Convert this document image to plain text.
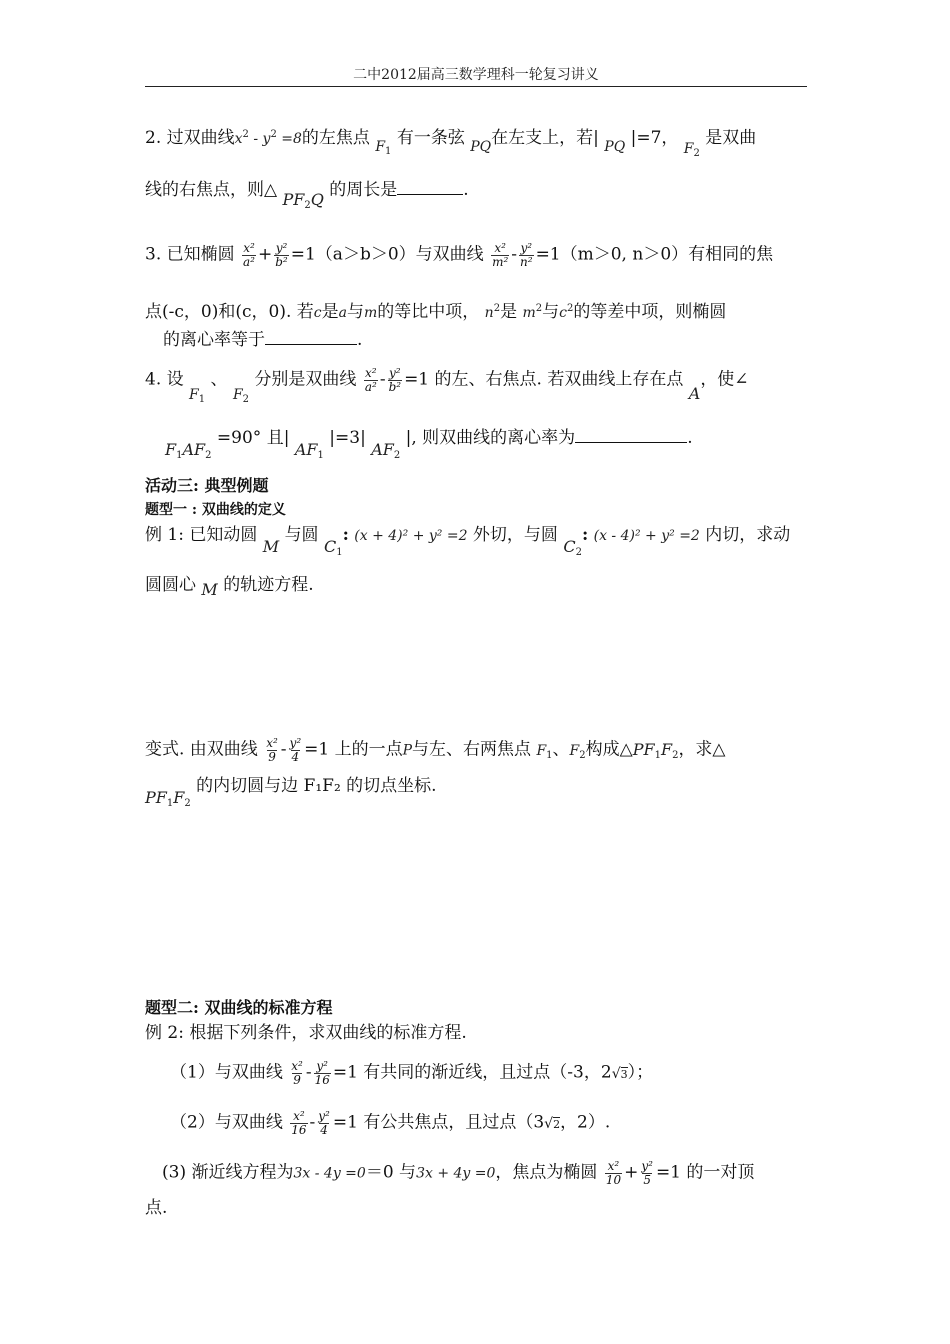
二中2012届高三数学理科一轮复习讲义
2. 过双曲线$x^2 - y^2 =8$的左焦点 $_{F_1}$ 有一条弦 $_{PQ}$在左支上，若| $_{PQ}$ |=7， $_{F_2}$ 是双曲
线的右焦点，则△ $PF_2Q$ 的周长是	.
3. 已知椭圆 $\frac{\text{x²}}{\text{a²}} + \frac{\text{y²}}{\text{b²}} =1(a>b>0)$与双曲线 $\frac{\text{x²}}{\text{m²}} - \frac{\text{y²}}{\text{n²}} =1(m>0$, n＞0）有相同的焦
点(-c，0)和(c，0). 若c是a与m的等比中项， $n^2$是 $m^2$与$c^2$的等差中项，则椭圆
的离心率等于	.
4. 设 $_{F_1}$ 、 $_{F_2}$ 分别是双曲线 $\frac{\text{x²}}{\text{a²}} - \frac{\text{y²}}{\text{b²}} =1$ 的左、右焦点. 若双曲线上存在点 A，使∠
$F_1AF_2 =90^\circ$ 且| $AF_1$ |=3| $AF_2$ |, 则双曲线的离心率为	.
活动三: 典型例题
题型一 : 双曲线的定义
例 1: 已知动圆 M 与圆 $C_1$: (x + 4)² + y² =2 外切，与圆 $C_2$: (x - 4)² + y² =2 内切，求动
圆圆心 M 的轨迹方程.
变式. 由双曲线 $\frac{\text{x²}}{9} - \frac{\text{y²}}{4} =1$ 上的一点P与左、右两焦点 $F_1$、$F_2$构成$\triangle PF_1F_2$，求△
$PF_1F_2$ 的内切圆与边 F₁F₂ 的切点坐标.
题型二: 双曲线的标准方程
例 2: 根据下列条件，求双曲线的标准方程.
（1）与双曲线 $\frac{\text{x²}}{9} - \frac{\text{y²}}{16} =1$ 有共同的渐近线，且过点（-3，2√3）；
（2）与双曲线 $\frac{\text{x²}}{16} - \frac{\text{y²}}{4} =1$ 有公共焦点，且过点（3√2，2）.
(3) 渐近线方程为3x - 4y =0＝0 与3x + 4y =0，焦点为椭圆 $\frac{\text{x²}}{10} + \frac{\text{y²}}{5} =1$ 的一对顶
点.
